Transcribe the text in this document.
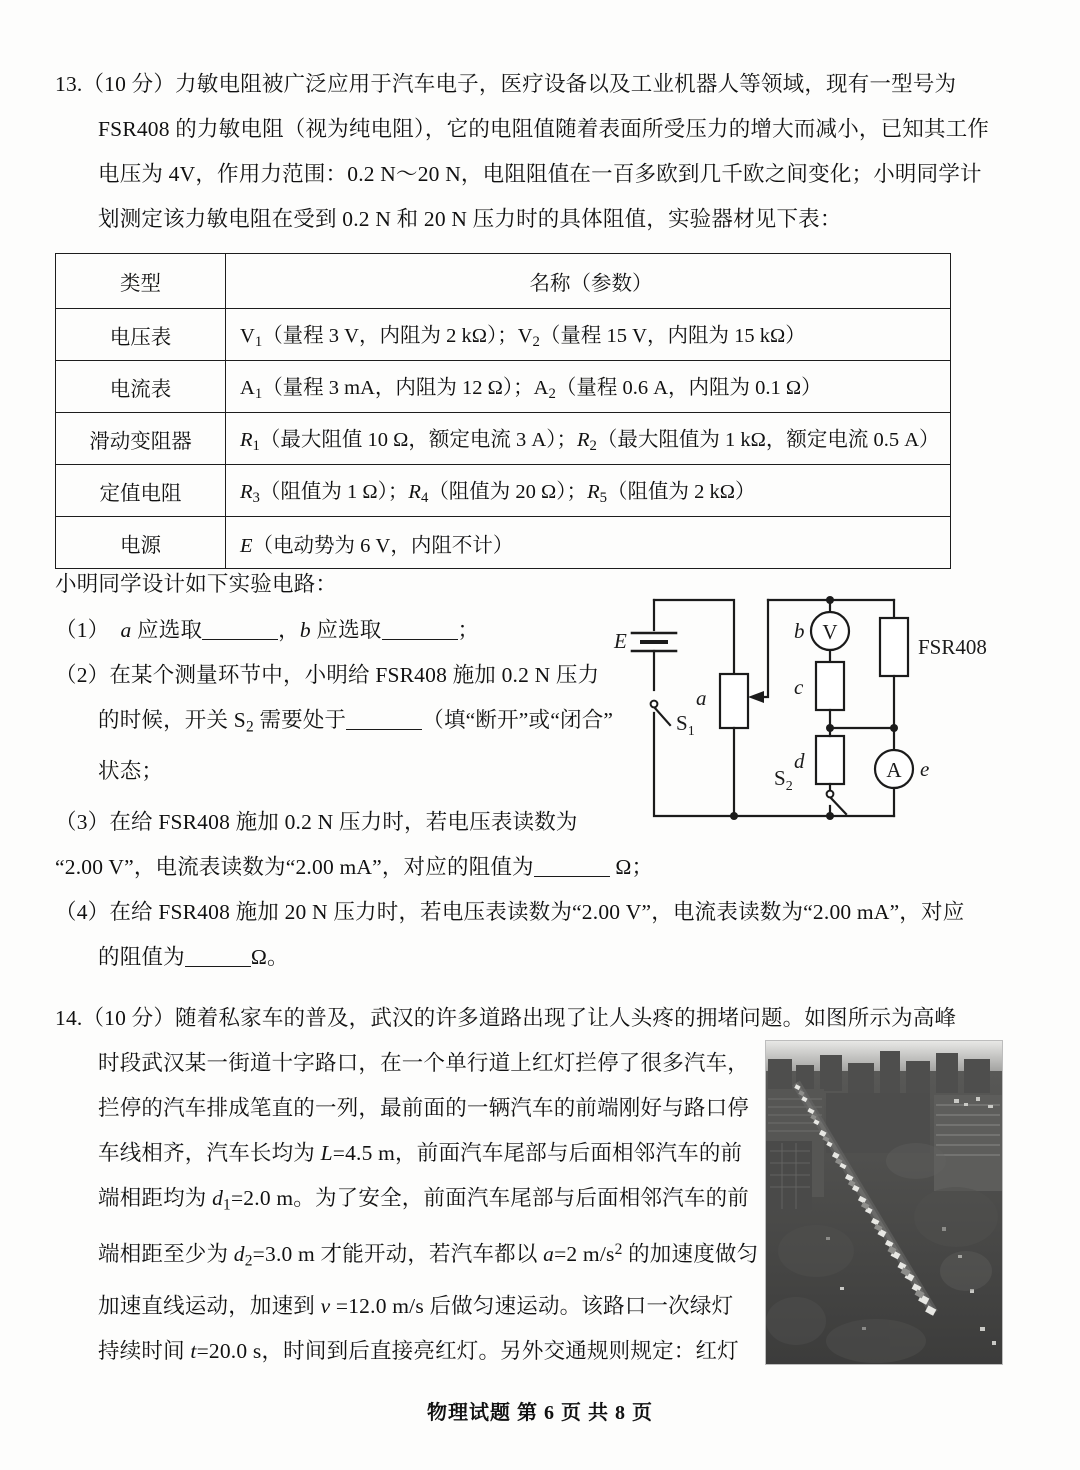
13.（10 分）力敏电阻被广泛应用于汽车电子，医疗设备以及工业机器人等领域，现有一型号为
FSR408 的力敏电阻（视为纯电阻），它的电阻值随着表面所受压力的增大而减小，已知其工作
电压为 4V，作用力范围：0.2 N～20 N，电阻阻值在一百多欧到几千欧之间变化；小明同学计
划测定该力敏电阻在受到 0.2 N 和 20 N 压力时的具体阻值，实验器材见下表：
类型	名称（参数）
电压表	$V_1$（量程 3 V，内阻为 2 kΩ）；$V_2$（量程 15 V，内阻为 15 kΩ）
电流表	$A_1$（量程 3 mA，内阻为 12 Ω）；$A_2$（量程 0.6 A，内阻为 0.1 Ω）
滑动变阻器	$R_1$（最大阻值 10 Ω，额定电流 3 A）；$R_2$（最大阻值为 1 kΩ，额定电流 0.5 A）
定值电阻	$R_3$（阻值为 1 Ω）；$R_4$（阻值为 20 Ω）；$R_5$（阻值为 2 kΩ）
电源	E（电动势为 6 V，内阻不计）
小明同学设计如下实验电路：
（1） a 应选取	，b 应选取	；
（2）在某个测量环节中，小明给 FSR408 施加 0.2 N 压力
的时候，开关 $S_2$ 需要处于	（填“断开”或“闭合”
状态；
（3）在给 FSR408 施加 0.2 N 压力时，若电压表读数为
“2.00 V”，电流表读数为“2.00 mA”，对应的阻值为	Ω；
（4）在给 FSR408 施加 20 N 压力时，若电压表读数为“2.00 V”，电流表读数为“2.00 mA”，对应
的阻值为	Ω。
E
$S_1$
$S_2$
a
b
c
d	e
V
A
FSR408
14.（10 分）随着私家车的普及，武汉的许多道路出现了让人头疼的拥堵问题。如图所示为高峰
时段武汉某一街道十字路口，在一个单行道上红灯拦停了很多汽车，
拦停的汽车排成笔直的一列，最前面的一辆汽车的前端刚好与路口停
车线相齐，汽车长均为 L=4.5 m，前面汽车尾部与后面相邻汽车的前
端相距均为 $d_1=2.0$ m。为了安全，前面汽车尾部与后面相邻汽车的前
端相距至少为 $d_2=3.0$ m 才能开动，若汽车都以 a=2 $m/s^2$ 的加速度做匀
加速直线运动，加速到 v =12.0 m/s 后做匀速运动。该路口一次绿灯
持续时间 t=20.0 s，时间到后直接亮红灯。另外交通规则规定：红灯
物理试题 第 6 页 共 8 页
